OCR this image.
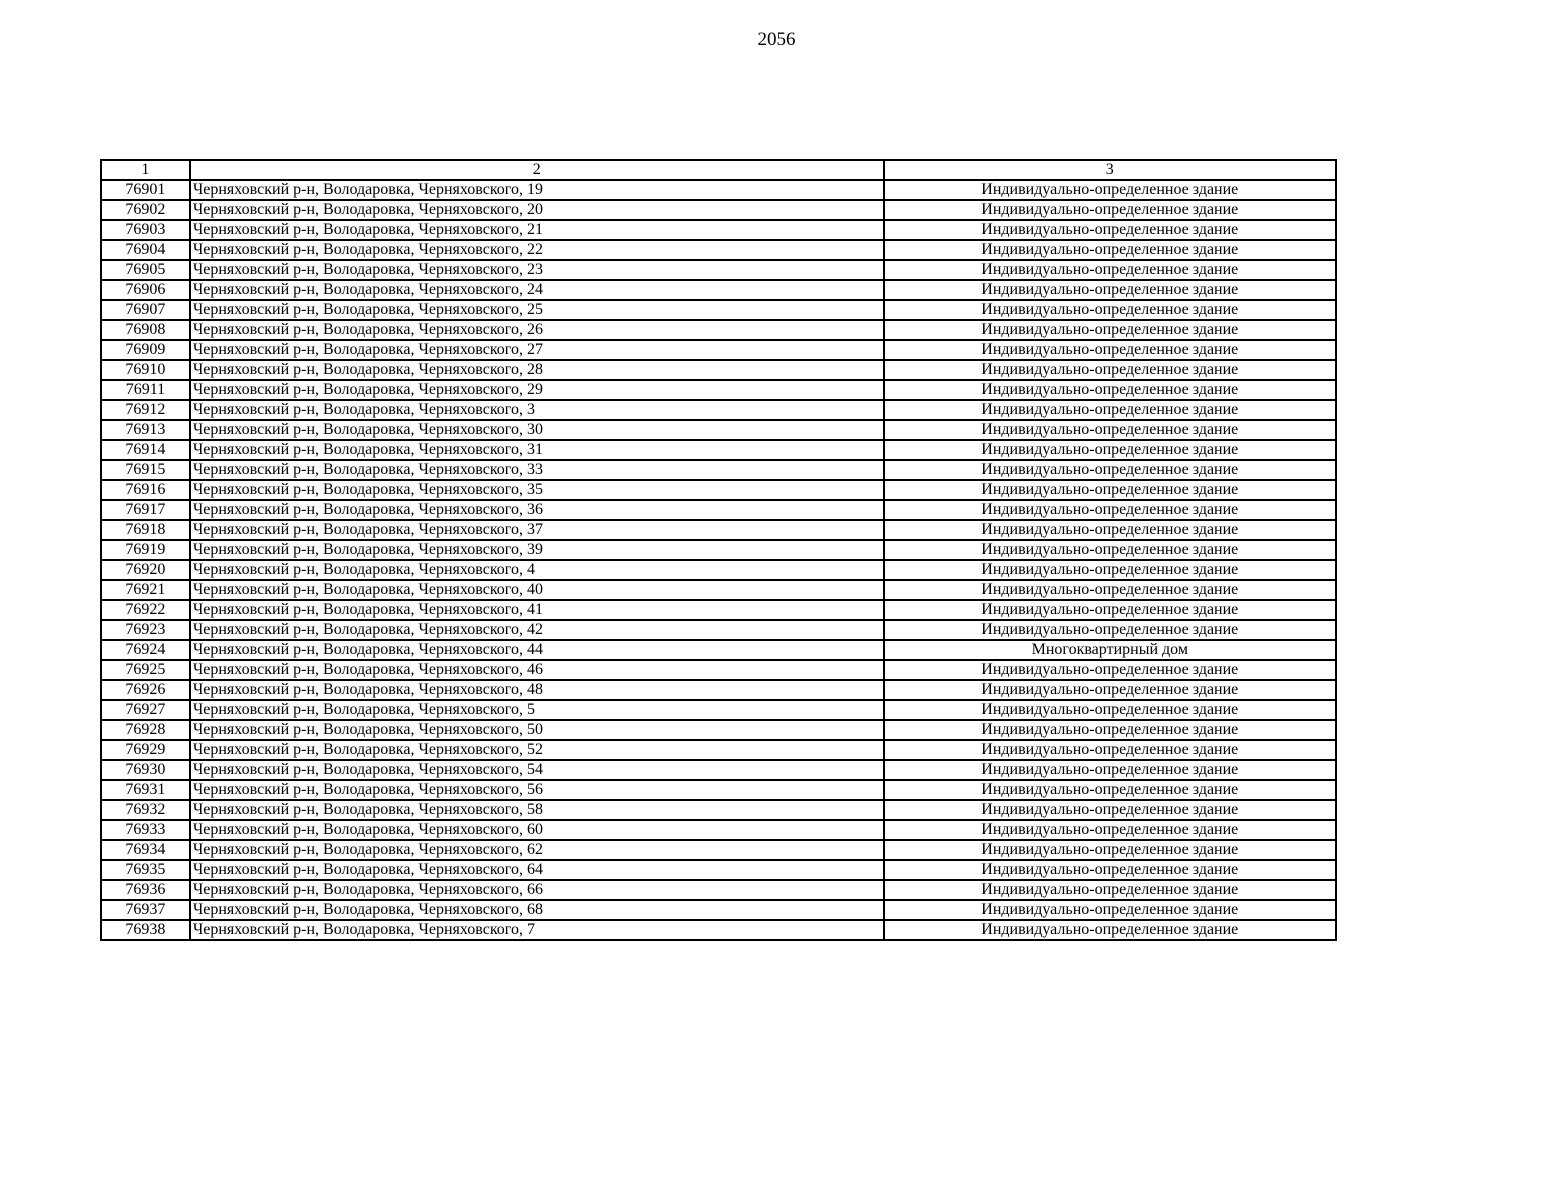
2056
1	2	3
76901	Черняховский р-н, Володаровка, Черняховского, 19	Индивидуально-определенное здание
76902	Черняховский р-н, Володаровка, Черняховского, 20	Индивидуально-определенное здание
76903	Черняховский р-н, Володаровка, Черняховского, 21	Индивидуально-определенное здание
76904	Черняховский р-н, Володаровка, Черняховского, 22	Индивидуально-определенное здание
76905	Черняховский р-н, Володаровка, Черняховского, 23	Индивидуально-определенное здание
76906	Черняховский р-н, Володаровка, Черняховского, 24	Индивидуально-определенное здание
76907	Черняховский р-н, Володаровка, Черняховского, 25	Индивидуально-определенное здание
76908	Черняховский р-н, Володаровка, Черняховского, 26	Индивидуально-определенное здание
76909	Черняховский р-н, Володаровка, Черняховского, 27	Индивидуально-определенное здание
76910	Черняховский р-н, Володаровка, Черняховского, 28	Индивидуально-определенное здание
76911	Черняховский р-н, Володаровка, Черняховского, 29	Индивидуально-определенное здание
76912	Черняховский р-н, Володаровка, Черняховского, 3	Индивидуально-определенное здание
76913	Черняховский р-н, Володаровка, Черняховского, 30	Индивидуально-определенное здание
76914	Черняховский р-н, Володаровка, Черняховского, 31	Индивидуально-определенное здание
76915	Черняховский р-н, Володаровка, Черняховского, 33	Индивидуально-определенное здание
76916	Черняховский р-н, Володаровка, Черняховского, 35	Индивидуально-определенное здание
76917	Черняховский р-н, Володаровка, Черняховского, 36	Индивидуально-определенное здание
76918	Черняховский р-н, Володаровка, Черняховского, 37	Индивидуально-определенное здание
76919	Черняховский р-н, Володаровка, Черняховского, 39	Индивидуально-определенное здание
76920	Черняховский р-н, Володаровка, Черняховского, 4	Индивидуально-определенное здание
76921	Черняховский р-н, Володаровка, Черняховского, 40	Индивидуально-определенное здание
76922	Черняховский р-н, Володаровка, Черняховского, 41	Индивидуально-определенное здание
76923	Черняховский р-н, Володаровка, Черняховского, 42	Индивидуально-определенное здание
76924	Черняховский р-н, Володаровка, Черняховского, 44	Многоквартирный дом
76925	Черняховский р-н, Володаровка, Черняховского, 46	Индивидуально-определенное здание
76926	Черняховский р-н, Володаровка, Черняховского, 48	Индивидуально-определенное здание
76927	Черняховский р-н, Володаровка, Черняховского, 5	Индивидуально-определенное здание
76928	Черняховский р-н, Володаровка, Черняховского, 50	Индивидуально-определенное здание
76929	Черняховский р-н, Володаровка, Черняховского, 52	Индивидуально-определенное здание
76930	Черняховский р-н, Володаровка, Черняховского, 54	Индивидуально-определенное здание
76931	Черняховский р-н, Володаровка, Черняховского, 56	Индивидуально-определенное здание
76932	Черняховский р-н, Володаровка, Черняховского, 58	Индивидуально-определенное здание
76933	Черняховский р-н, Володаровка, Черняховского, 60	Индивидуально-определенное здание
76934	Черняховский р-н, Володаровка, Черняховского, 62	Индивидуально-определенное здание
76935	Черняховский р-н, Володаровка, Черняховского, 64	Индивидуально-определенное здание
76936	Черняховский р-н, Володаровка, Черняховского, 66	Индивидуально-определенное здание
76937	Черняховский р-н, Володаровка, Черняховского, 68	Индивидуально-определенное здание
76938	Черняховский р-н, Володаровка, Черняховского, 7	Индивидуально-определенное здание
